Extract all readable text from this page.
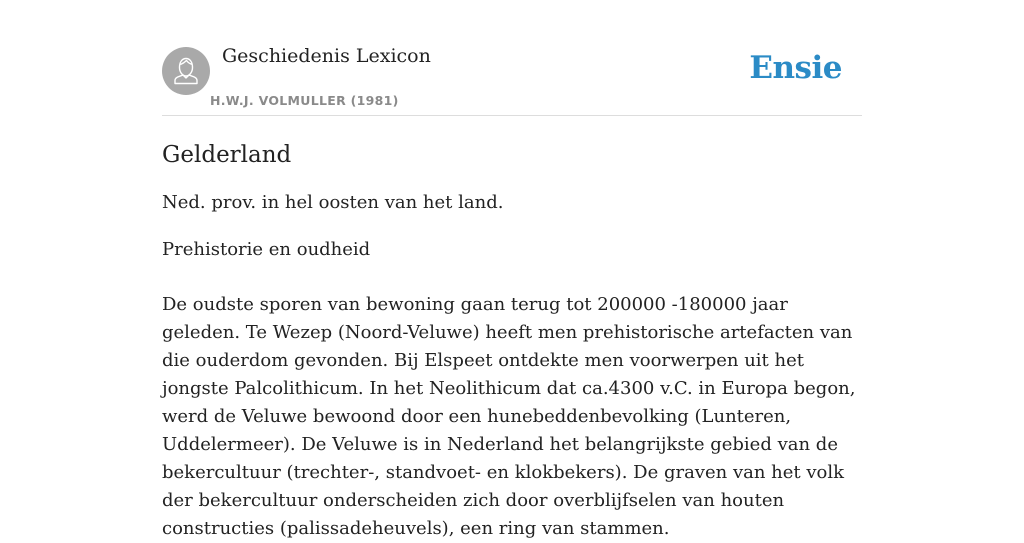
Geschiedenis Lexicon
H.W.J. VOLMULLER (1981)
Ensie
Gelderland

Ned. prov. in hel oosten van het land.

Prehistorie en oudheid

De oudste sporen van bewoning gaan terug tot 200000 -180000 jaar geleden. Te Wezep (Noord-Veluwe) heeft men prehistorische artefacten van die ouderdom gevonden. Bij Elspeet ontdekte men voorwerpen uit het jongste Palcolithicum. In het Neolithicum dat ca.4300 v.C. in Europa begon, werd de Veluwe bewoond door een hunebeddenbevolking (Lunteren, Uddelermeer). De Veluwe is in Nederland het belangrijkste gebied van de bekercultuur (trechter-, standvoet- en klokbekers). De graven van het volk der bekercultuur onderscheiden zich door overblijfselen van houten constructies (palissadeheuvels), een ring van stammen.
